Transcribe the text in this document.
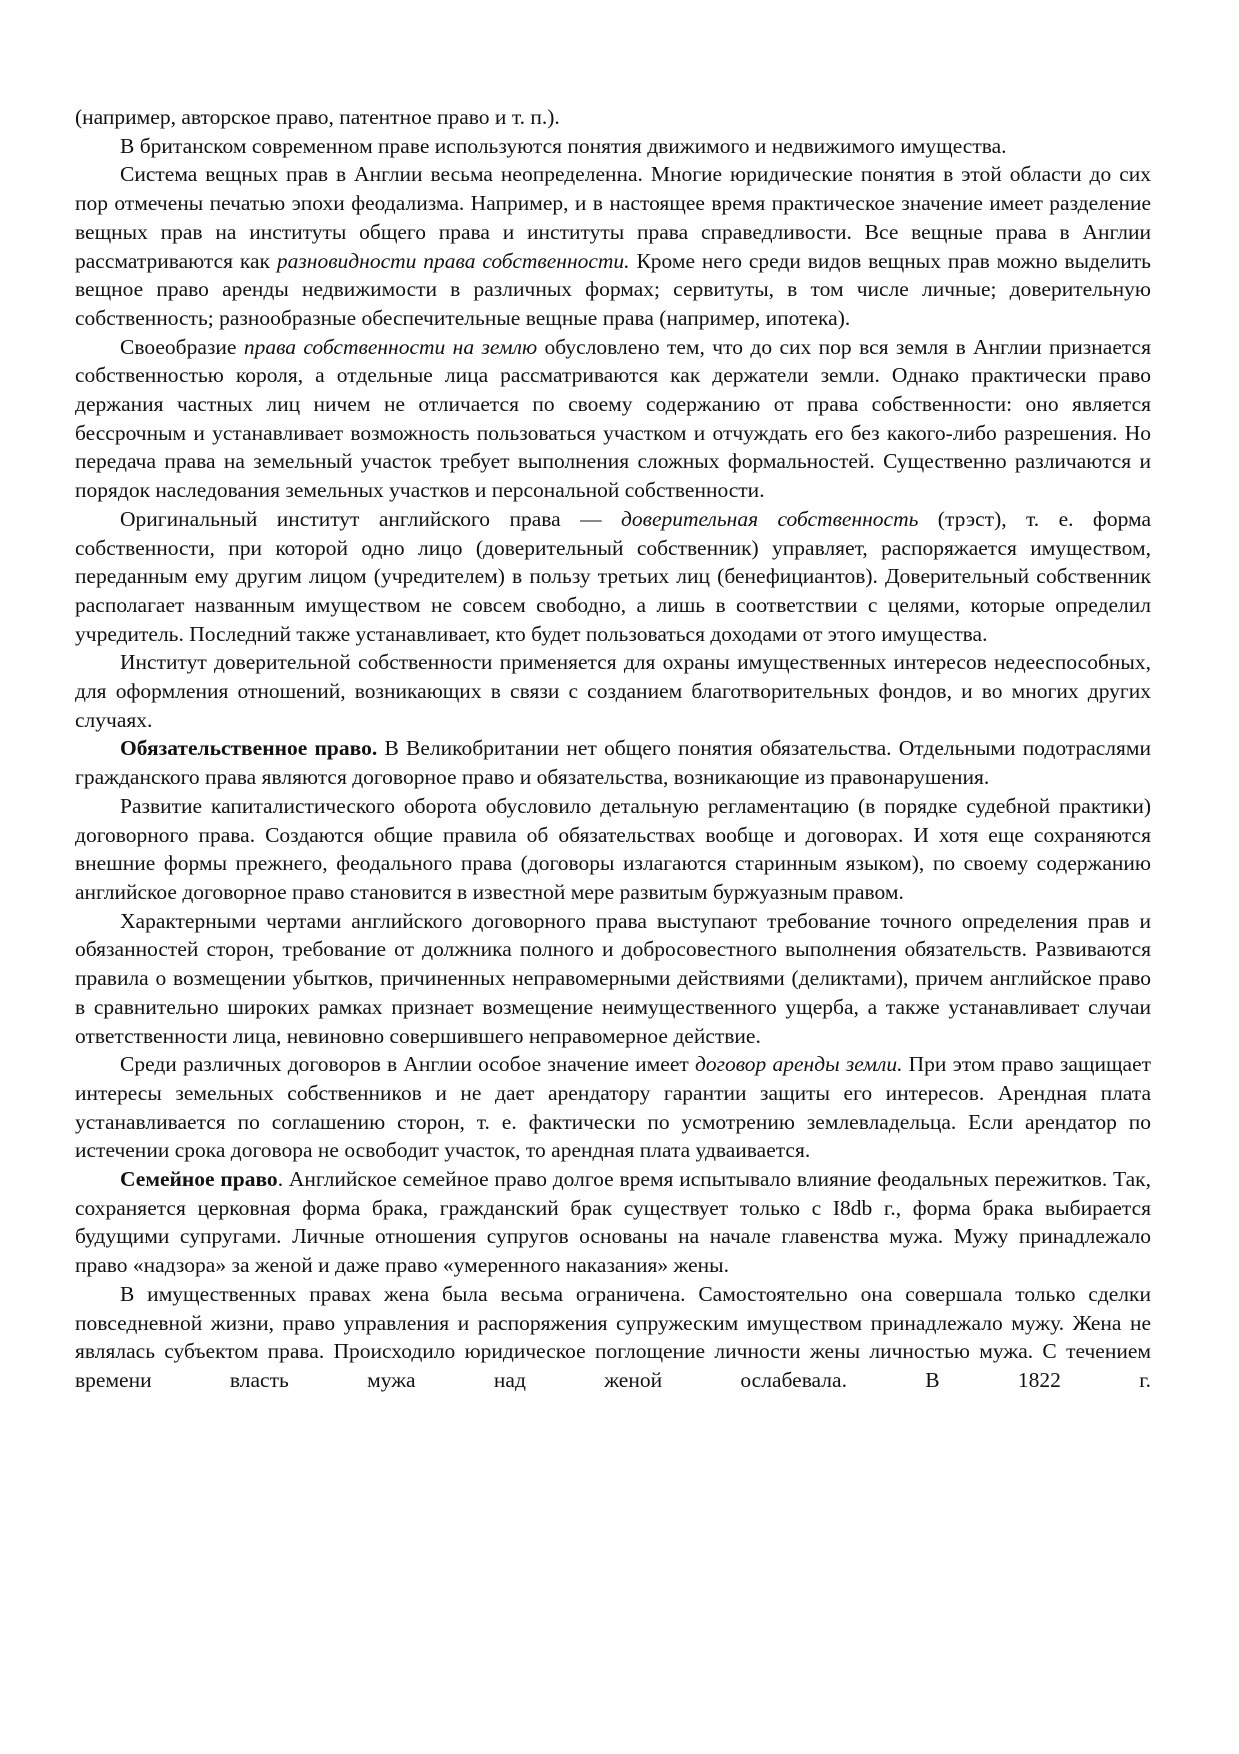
(например, авторское право, патентное право и т. п.).

В британском современном праве используются понятия движимого и недвижимого имущества.

Система вещных прав в Англии весьма неопределенна. Многие юридические понятия в этой области до сих пор отмечены печатью эпохи феодализма. Например, и в настоящее время практическое значение имеет разделение вещных прав на институты общего права и институты права справедливости. Все вещные права в Англии рассматриваются как разновидности права собственности. Кроме него среди видов вещных прав можно выделить вещное право аренды недвижимости в различных формах; сервитуты, в том числе личные; доверительную собственность; разнообразные обеспечительные вещные права (например, ипотека).

Своеобразие права собственности на землю обусловлено тем, что до сих пор вся земля в Англии признается собственностью короля, а отдельные лица рассматриваются как держатели земли. Однако практически право держания частных лиц ничем не отличается по своему содержанию от права собственности: оно является бессрочным и устанавливает возможность пользоваться участком и отчуждать его без какого-либо разрешения. Но передача права на земельный участок требует выполнения сложных формальностей. Существенно различаются и порядок наследования земельных участков и персональной собственности.

Оригинальный институт английского права — доверительная собственность (трэст), т. е. форма собственности, при которой одно лицо (доверительный собственник) управляет, распоряжается имуществом, переданным ему другим лицом (учредителем) в пользу третьих лиц (бенефициантов). Доверительный собственник располагает названным имуществом не совсем свободно, а лишь в соответствии с целями, которые определил учредитель. Последний также устанавливает, кто будет пользоваться доходами от этого имущества.

Институт доверительной собственности применяется для охраны имущественных интересов недееспособных, для оформления отношений, возникающих в связи с созданием благотворительных фондов, и во многих других случаях.

Обязательственное право. В Великобритании нет общего понятия обязательства. Отдельными подотраслями гражданского права являются договорное право и обязательства, возникающие из правонарушения.

Развитие капиталистического оборота обусловило детальную регламентацию (в порядке судебной практики) договорного права. Создаются общие правила об обязательствах вообще и договорах. И хотя еще сохраняются внешние формы прежнего, феодального права (договоры излагаются старинным языком), по своему содержанию английское договорное право становится в известной мере развитым буржуазным правом.

Характерными чертами английского договорного права выступают требование точного определения прав и обязанностей сторон, требование от должника полного и добросовестного выполнения обязательств. Развиваются правила о возмещении убытков, причиненных неправомерными действиями (деликтами), причем английское право в сравнительно широких рамках признает возмещение неимущественного ущерба, а также устанавливает случаи ответственности лица, невиновно совершившего неправомерное действие.

Среди различных договоров в Англии особое значение имеет договор аренды земли. При этом право защищает интересы земельных собственников и не дает арендатору гарантии защиты его интересов. Арендная плата устанавливается по соглашению сторон, т. е. фактически по усмотрению землевладельца. Если арендатор по истечении срока договора не освободит участок, то арендная плата удваивается.

Семейное право. Английское семейное право долгое время испытывало влияние феодальных пережитков. Так, сохраняется церковная форма брака, гражданский брак существует только с I8db г., форма брака выбирается будущими супругами. Личные отношения супругов основаны на начале главенства мужа. Мужу принадлежало право «надзора» за женой и даже право «умеренного наказания» жены.

В имущественных правах жена была весьма ограничена. Самостоятельно она совершала только сделки повседневной жизни, право управления и распоряжения супружеским имуществом принадлежало мужу. Жена не являлась субъектом права. Происходило юридическое поглощение личности жены личностью мужа. С течением времени власть мужа над женой ослабевала. В 1822 г.
